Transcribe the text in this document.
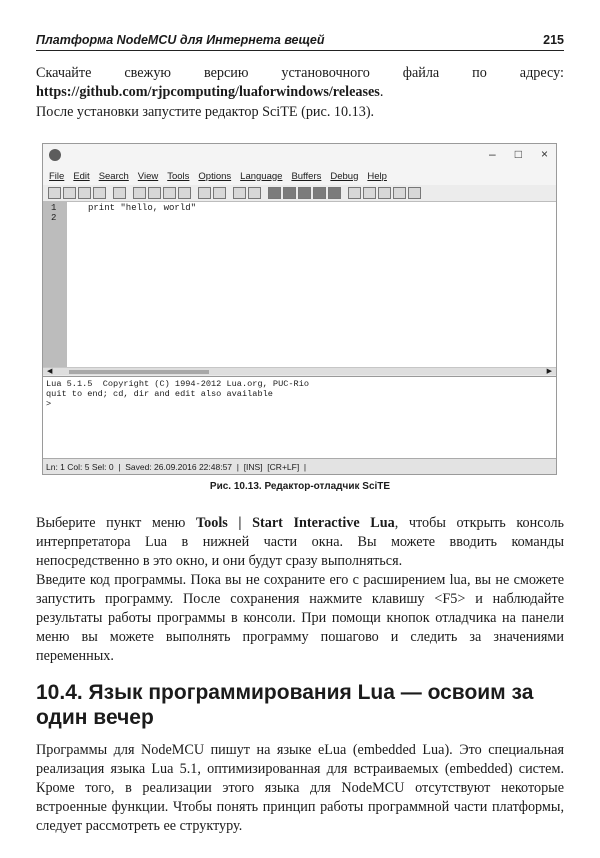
Платформа NodeMCU для Интернета вещей	215

Скачайте свежую версию установочного файла по адресу: https://github.com/rjpcomputing/luaforwindows/releases.

После установки запустите редактор SciTE (рис. 10.13).

– □ ×
File Edit Search View Tools Options Language Buffers Debug Help
1	print "hello, world"
2
◀	▶
Lua 5.1.5  Copyright (C) 1994-2012 Lua.org, PUC-Rio
quit to end; cd, dir and edit also available
>
Ln: 1 Col: 5 Sel: 0  |  Saved: 26.09.2016 22:48:57  |  [INS]  [CR+LF]  |
Рис. 10.13. Редактор-отладчик SciTE

Выберите пункт меню Tools | Start Interactive Lua, чтобы открыть консоль интерпретатора Lua в нижней части окна. Вы можете вводить команды непосредственно в это окно, и они будут сразу выполняться.

Введите код программы. Пока вы не сохраните его с расширением lua, вы не сможете запустить программу. После сохранения нажмите клавишу <F5> и наблюдайте результаты работы программы в консоли. При помощи кнопок отладчика на панели меню вы можете выполнять программу пошагово и следить за значениями переменных.

10.4. Язык программирования Lua — освоим за один вечер

Программы для NodeMCU пишут на языке eLua (embedded Lua). Это специальная реализация языка Lua 5.1, оптимизированная для встраиваемых (embedded) систем. Кроме того, в реализации этого языка для NodeMCU отсутствуют некоторые встроенные функции. Чтобы понять принцип работы программной части платформы, следует рассмотреть ее структуру.
